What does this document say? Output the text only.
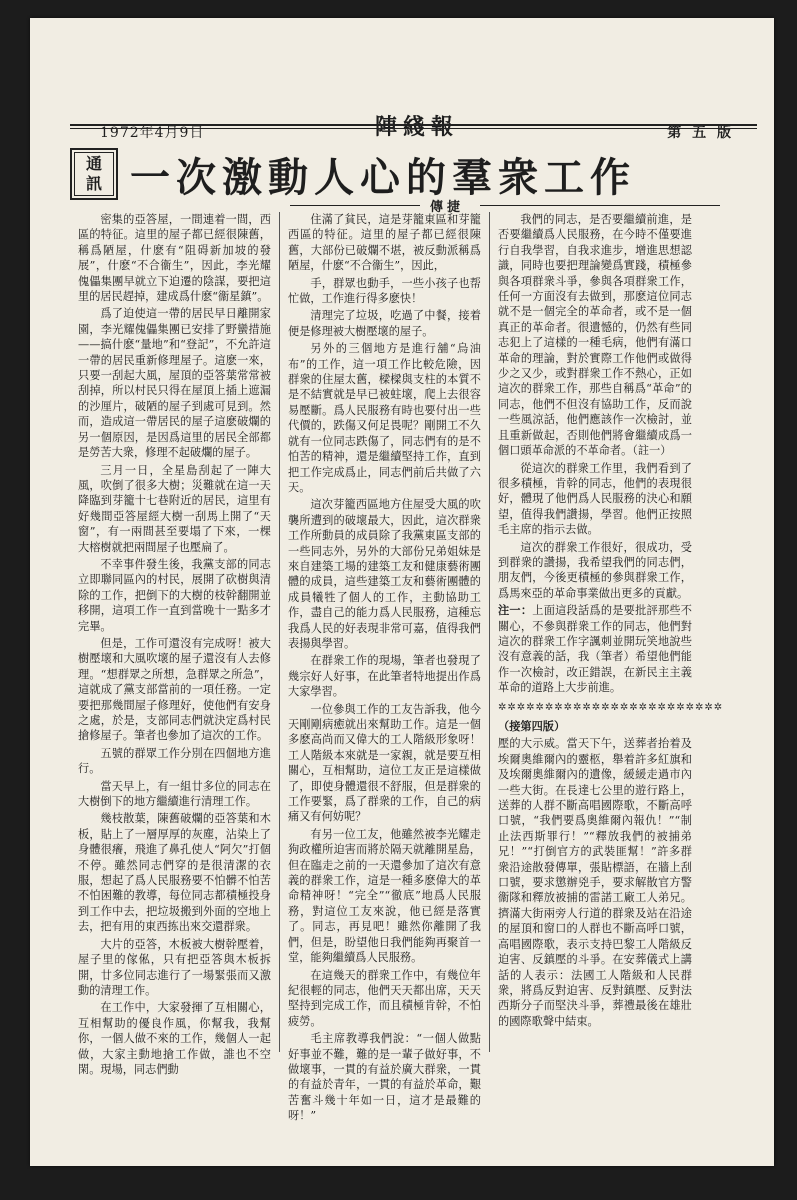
1972年4月9日	陣綫報	第 五 版
通
訊 一次激動人心的羣衆工作
傳捷

密集的亞答屋，一間連着一間，西區的特征。這里的屋子都已經很陳舊，稱爲陋屋，什麽有“阻碍新加坡的發展”，什麽“不合衞生”，因此，李光耀傀儡集團早就立下迫遷的陰謀，要把這里的居民趕掉，建成爲什麽“衞星鎮”。

爲了迫使這一帶的居民早日離開家園，李光耀傀儡集團已安排了野蠻措施——搞什麽“量地”和“登記”，不允許這一帶的居民重新修理屋子。這麽一來，只要一刮起大風，屋頂的亞答葉常常被刮掉，所以村民只得在屋頂上插上遮漏的沙厘片，破陋的屋子到處可見到。然而，造成這一帶居民的屋子這麽破爛的另一個原因，是因爲這里的居民全部都是勞苦大衆，修理不起破爛的屋子。

三月一日，全星島刮起了一陣大風，吹倒了很多大樹；災難就在這一天降臨到芽籠十七巷附近的居民，這里有好幾間亞答屋經大樹一刮馬上開了“天窗”，有一兩間甚至要塌了下來，一棵大榕樹就把兩間屋子也壓扁了。

不幸事件發生後，我黨支部的同志立即聯同區內的村民，展開了砍樹與清除的工作，把倒下的大樹的枝幹翻開並移開，這項工作一直到當晚十一點多才完畢。

但是，工作可還沒有完成呀！被大樹壓壞和大風吹壞的屋子還沒有人去修理。“想群眾之所想，急群眾之所急”，這就成了黨支部當前的一項任務。一定要把那幾間屋子修理好，使他們有安身之處，於是，支部同志們就決定爲村民搶修屋子。筆者也參加了這次的工作。

五號的群眾工作分別在四個地方進行。

當天早上，有一組廿多位的同志在大樹倒下的地方繼續進行清理工作。

幾枝散葉，陳舊破爛的亞答葉和木板，貼上了一層厚厚的灰塵，沾染上了身體很癢，飛進了鼻孔使人“阿欠”打個不停。雖然同志們穿的是很清潔的衣服，想起了爲人民服務要不怕髒不怕苦不怕困難的教導，每位同志都積極投身到工作中去，把垃圾搬到外面的空地上去，把有用的東西拣出來交還群衆。

大片的亞答，木板被大樹幹壓着，屋子里的傢俬，只有把亞答與木板拆開，廿多位同志進行了一場緊張而又激動的清理工作。

在工作中，大家發揮了互相關心，互相幫助的優良作風，你幫我，我幫你，一個人做不來的工作，幾個人一起做，大家主動地搶工作做，誰也不空閑。現場，同志們動

住滿了貧民，這是芽籠東區和芽籠西區的特征。這里的屋子都已經很陳舊，大部份已破爛不堪，被反動派稱爲陋屋，什麽“不合衞生”，因此，

手，群眾也動手，一些小孩子也帮忙做，工作進行得多麽快！

清理完了垃圾，吃過了中餐，接着便是修理被大樹壓壞的屋子。

另外的三個地方是進行舖“烏油布”的工作，這一項工作比較危險，因群衆的住屋太舊，樑樑與支柱的本質不是不結實就是早已被蛀壞，爬上去很容易壓斷。爲人民服務有時也要付出一些代價的，跌傷又何足畏呢？剛開工不久就有一位同志跌傷了，同志們有的是不怕苦的精神，還是繼續堅持工作，直到把工作完成爲止，同志們前后共做了六天。

這次芽籠西區地方住屋受大風的吹襲所遭到的破壞最大，因此，這次群衆工作所動員的成員除了我黨東區支部的一些同志外，另外的大部份兄弟姐妹是來自建築工場的建築工友和健康藝術團體的成員，這些建築工友和藝術團體的成員犧牲了個人的工作，主動協助工作，盡自己的能力爲人民服務，這種忘我爲人民的好表現非常可嘉，值得我們表揚與學習。

在群衆工作的現場，筆者也發現了幾宗好人好事，在此筆者特地提出作爲大家學習。

一位參與工作的工友告訴我，他今天剛剛病癒就出來幫助工作。這是一個多麽高尚而又偉大的工人階級形象呀！工人階級本來就是一家親，就是要互相關心，互相幫助，這位工友正是這樣做了，即使身體還很不舒服，但是群衆的工作要緊，爲了群衆的工作，自己的病痛又有何妨呢？

有另一位工友，他雖然被李光耀走狗政權所迫害而將於隔天就離開星島，但在臨走之前的一天還參加了這次有意義的群衆工作，這是一種多麽偉大的革命精神呀！“完全”“徹底”地爲人民服務，對這位工友來說，他已經是落實了。同志，再見吧！雖然你離開了我們，但是，盼望他日我們能夠再聚首一堂，能夠繼續爲人民服務。

在這幾天的群衆工作中，有幾位年紀很輕的同志，他們天天都出席，天天堅持到完成工作，而且積極肯幹，不怕疲勞。

毛主席教導我們說：“一個人做點好事並不難，難的是一輩子做好事，不做壞事，一貫的有益於廣大群衆，一貫的有益於青年，一貫的有益於革命，艱苦奮斗幾十年如一日，這才是最難的呀！”

我們的同志，是否要繼續前進，是否要繼續爲人民服務，在今時不僅要進行自我學習，自我求進步，增進思想認識，同時也要把理論變爲實踐，積極參與各項群衆斗爭，參與各項群衆工作，任何一方面沒有去做到，那麽這位同志就不是一個完全的革命者，或不是一個真正的革命者。很遺憾的，仍然有些同志犯上了這樣的一種毛病，他們有滿口革命的理論，對於實際工作他們或做得少之又少，或對群衆工作不熱心，正如這次的群衆工作，那些自稱爲“革命”的同志，他們不但沒有協助工作，反而說一些風涼話，他們應該作一次檢討，並且重新做起，否則他們將會繼續成爲一個口頭革命派的不革命者。（註一）

從這次的群衆工作里，我們看到了很多積極，肯幹的同志，他們的表現很好，體現了他們爲人民服務的決心和願望，值得我們讚揚，學習。他們正按照毛主席的指示去做。

這次的群衆工作很好，很成功，受到群衆的讚揚，我希望我們的同志們，朋友們，今後更積極的參與群衆工作，爲馬來亞的革命事業做出更多的貢獻。

注一：上面這段話爲的是要批評那些不關心，不參與群衆工作的同志，他們對這次的群衆工作字諷刺並開玩笑地說些沒有意義的話，我（筆者）希望他們能作一次檢討，改正錯誤，在新民主主義革命的道路上大步前進。

✲✲✲✲✲✲✲✲✲✲✲✲✲✲✲✲✲✲✲✲✲✲✲✲

（接第四版）

壓的大示威。當天下午，送葬者抬着及埃爾奧維爾內的靈柩，舉着許多紅旗和及埃爾奧維爾內的遺像，緩緩走過市內一些大街。在長達七公里的遊行路上，送葬的人群不斷高唱國際歌，不斷高呼口號，“我們要爲奧維爾內報仇！”“制止法西斯罪行！”“釋放我們的被捕弟兄！”“打倒官方的武裝匪幫！”許多群衆沿途散發傳單，張貼標語，在牆上刮口號，要求懲辦兇手，要求解散官方警衞隊和釋放被捕的雷諾工廠工人弟兄。擠滿大街兩旁人行道的群衆及站在沿途的屋頂和窗口的人群也不斷高呼口號，高唱國際歌，表示支持巴黎工人階級反迫害、反鎮壓的斗爭。在安葬儀式上講話的人表示：法國工人階級和人民群衆，將爲反對迫害、反對鎮壓、反對法西斯分子而堅決斗爭，葬禮最後在雄壯的國際歌聲中結束。
